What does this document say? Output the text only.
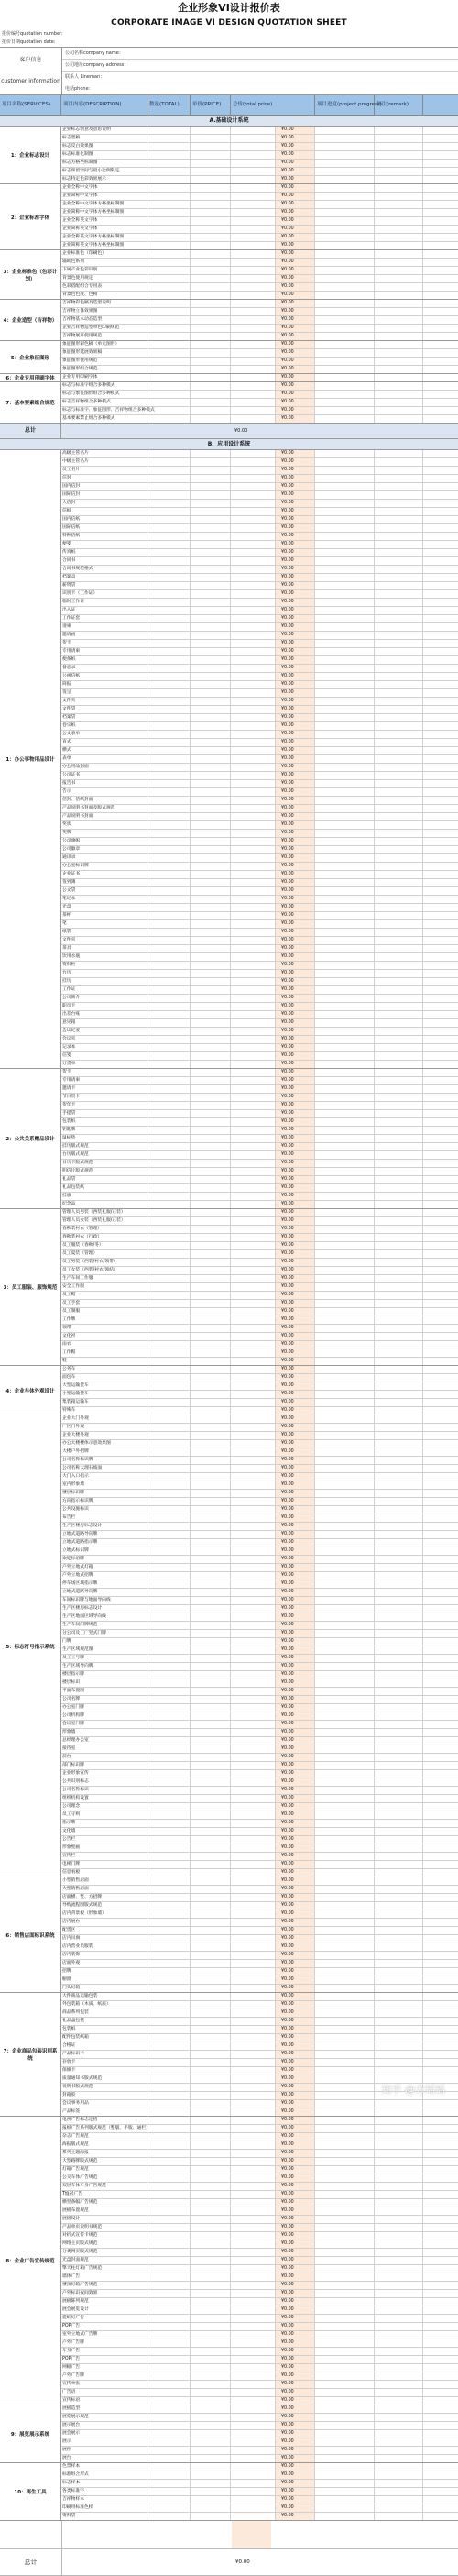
企业形象VI设计报价表
CORPORATE IMAGE VI DESIGN QUOTATION SHEET
报价编号quotation number:
报价日期quotation date:
客户信息
customer information
公司名称company name：
公司地址company address：
联系人 Lineman：
电话phone：
项目名称(SERVICES)	项目内容(DESCRIPTION)	数量(TOTAL)	单价(PRICE)	总价(total price)	项目进度(project progress)
备注(remark)
A.基础设计系统
1：企业标志设计
企业标志创意及意思说明	¥0.00
标志墨稿	¥0.00
标志反白效果图	¥0.00
标志标准化制图	¥0.00
标志方格坐标制图	¥0.00
标志预留空间与最小比例限定	¥0.00
标志特定色彩效果展示	¥0.00
2：企业标准字体
企业全称中文字体	¥0.00
企业简称中文字体	¥0.00
企业全称中文字体方格坐标制图	¥0.00
企业简称中文字体方格坐标制图	¥0.00
企业全称英文字体	¥0.00
企业简称英文字体	¥0.00
企业全称英文字体方格坐标制图	¥0.00
企业简称英文字体方格坐标制图	¥0.00
3：企业标准色（色彩计划）
企业标准色（印刷色）	¥0.00
辅助色系列	¥0.00
下属产业色彩识别	¥0.00
背景色使用规定	¥0.00
色彩搭配组合专用表	¥0.00
背景色色度、色相	¥0.00
4：企业造型（吉祥物）
吉祥物彩色稿及造型说明	¥0.00
吉祥物立体效果图	¥0.00
吉祥物基本动态造型	¥0.00
企业吉祥物造型单色印刷规范	¥0.00
吉祥物展开使用规范	¥0.00
5：企业象征图形
象征图形彩色稿（单元图形）	¥0.00
象征图形延展效果稿	¥0.00
象征图形使用规范	¥0.00
象征图形组合规范	¥0.00
6：企业专用印刷字体	企业专用印刷字体	¥0.00
7：基本要素组合规范
标志与标准字组合多种模式	¥0.00
标志与象征图形组合多种模式	¥0.00
标志吉祥物组合多种模式	¥0.00
标志与标准字、象征图形、吉祥物组合多种模式	¥0.00
基本要素禁止组合多种模式	¥0.00
总计	¥0.00
B．应用设计系统
1：办公事物用品设计
高级主管名片	¥0.00
中级主管名片	¥0.00
员工名片	¥0.00
信封	¥0.00
国内信封	¥0.00
国际信封	¥0.00
大信封	¥0.00
信纸	¥0.00
国内信纸	¥0.00
国际信纸	¥0.00
特种信纸	¥0.00
便笺	¥0.00
传真纸	¥0.00
合同书	¥0.00
合同书规范格式	¥0.00
档案盒	¥0.00
薪资袋	¥0.00
识别卡（工作证）	¥0.00
临时工作证	¥0.00
出入证	¥0.00
工作证套	¥0.00
请柬	¥0.00
邀请函	¥0.00
贺卡	¥0.00
专用请柬	¥0.00
便条纸	¥0.00
备忘录	¥0.00
公函信纸	¥0.00
简报	¥0.00
签呈	¥0.00
文件夹	¥0.00
文件袋	¥0.00
档案袋	¥0.00
卷宗纸	¥0.00
公文表单	¥0.00
直式	¥0.00
横式	¥0.00
表单	¥0.00
办公用品封面	¥0.00
公司证书	¥0.00
报告书	¥0.00
告示	¥0.00
信封、信纸封面	¥0.00
产品说明书封面及版式规范	¥0.00
产品说明书封面	¥0.00
奖状	¥0.00
奖牌	¥0.00
公司旗帜	¥0.00
公司徽章	¥0.00
通讯录	¥0.00
办公室标识牌	¥0.00
企业证书	¥0.00
签到簿	¥0.00
公文袋	¥0.00
笔记本	¥0.00
光盘	¥0.00
茶杯	¥0.00
笔	¥0.00
纸袋	¥0.00
文件夹	¥0.00
茶具	¥0.00
饮用水瓶	¥0.00
资料柜	¥0.00
台历	¥0.00
挂历	¥0.00
工作证	¥0.00
公司简介	¥0.00
职员卡	¥0.00
出差台账	¥0.00
意见箱	¥0.00
会议纪要	¥0.00
会议夹	¥0.00
记录本	¥0.00
信笺	¥0.00
订货单	¥0.00
2：公共关系赠品设计
贺卡	¥0.00
专用请柬	¥0.00
邀请卡	¥0.00
节日贺卡	¥0.00
贺年卡	¥0.00
手提袋	¥0.00
包装纸	¥0.00
钥匙牌	¥0.00
鼠标垫	¥0.00
挂历版式规范	¥0.00
台历版式规范	¥0.00
日历卡版式规范	¥0.00
明信片版式规范	¥0.00
礼品袋	¥0.00
礼品包装纸	¥0.00
挂旗	¥0.00
纪念品	¥0.00
3：员工服装、服饰规范
管理人员男装（西装礼服/正装）	¥0.00
管理人员女装（西装礼服/正装）	¥0.00
春秋装衬衣（管理）	¥0.00
春秋装衬衣（行政）	¥0.00
员工服装（春秋/冬）	¥0.00
员工夏装（管理）	¥0.00
员工男装（西装/衬衣/领带）	¥0.00
员工女装（西装/衬衣/领结）	¥0.00
生产车间工作服	¥0.00
安全工作服	¥0.00
员工帽	¥0.00
员工手套	¥0.00
员工制服	¥0.00
工作牌	¥0.00
领带	¥0.00
文化衫	¥0.00
雨衣	¥0.00
工作帽	¥0.00
鞋	¥0.00
4：企业车体外观设计
公务车	¥0.00
面包车	¥0.00
大型运输货车	¥0.00
小型运输货车	¥0.00
集装箱运输车	¥0.00
特殊车	¥0.00
5：标志符号指示系统
企业大门外观	¥0.00
厂区门外观	¥0.00
企业大楼外观	¥0.00
办公大楼楼体示意效果图	¥0.00
大楼户外招牌	¥0.00
公司名称标识牌	¥0.00
公司名称大理石坡面	¥0.00
大门入口指示	¥0.00
室内形象墙	¥0.00
楼层标识牌	¥0.00
方向指示标识牌	¥0.00
公共设施标识	¥0.00
布告栏	¥0.00
生产区楼房标志设计	¥0.00
立地式道路导向牌	¥0.00
立地式道路指示牌	¥0.00
立地式标识牌	¥0.00
欢迎标语牌	¥0.00
户外立地式灯箱	¥0.00
户外立地式招牌	¥0.00
停车场区域指示牌	¥0.00
立地式道路导向牌	¥0.00
车间标识牌与地面导向线	¥0.00
生产区楼房标志设计	¥0.00
生产区地面区域导向线	¥0.00
生产车间门牌规范	¥0.00
分公司及工厂竖式门牌	¥0.00
门牌	¥0.00
生产区域规范图	¥0.00
员工工号牌	¥0.00
生产区域导向牌	¥0.00
楼层指示牌	¥0.00
楼层标识	¥0.00
平面布置图	¥0.00
公司名牌	¥0.00
办公室门牌	¥0.00
公司机构牌	¥0.00
会议室门牌	¥0.00
形象墙	¥0.00
总经理办公室	¥0.00
接待室	¥0.00
前台	¥0.00
部门标识牌	¥0.00
企业形象宣传	¥0.00
公共识别标志	¥0.00
公司名称标识	¥0.00
组织机构设置	¥0.00
公司理念	¥0.00
员工守则	¥0.00
指示牌	¥0.00
文化墙	¥0.00
公告栏	¥0.00
形象壁画	¥0.00
宣传栏	¥0.00
电梯门牌	¥0.00
信息看板	¥0.00
6：销售店面标识系统
小型销售店面	¥0.00
大型销售店面	¥0.00
店面横、竖、方招牌	¥0.00
导购流程图版式规范	¥0.00
店内背景板（形象墙）	¥0.00
店内展台	¥0.00
配货区	¥0.00
店内吊旗	¥0.00
店内营业员服装	¥0.00
店内装饰	¥0.00
店面外观	¥0.00
招牌	¥0.00
橱窗	¥0.00
门头灯箱	¥0.00
7：企业商品包装识别系统
大件商品运输包装	¥0.00
外包装箱（木质、纸质）	¥0.00
商品系列包装	¥0.00
礼品盒包装	¥0.00
包装纸	¥0.00
配件包装纸箱	¥0.00
合格证	¥0.00
产品标识卡	¥0.00
存放卡	¥0.00
保修卡	¥0.00
质量通知书版式规范	¥0.00
说明书版式规范	¥0.00
封箱胶	¥0.00
会议事务用品	¥0.00
产品标签	¥0.00
8：企业广告宣传规范
电视广告标志定格	¥0.00
报纸广告系列版式规范（整版、半版、通栏）	¥0.00
杂志广告规范	¥0.00
海报版式规范	¥0.00
系列主题海报	¥0.00
大型路牌版式规范	¥0.00
灯箱广告规范	¥0.00
公交车体广告规范	¥0.00
双层车体车身广告规范	¥0.00
T恤衫广告	¥0.00
横竖条幅广告规范	¥0.00
展板布置规范	¥0.00
展板设计	¥0.00
产品单页说明书规范	¥0.00
对折式宣传卡规范	¥0.00
网络主页版式规范	¥0.00
分类网页版式规范	¥0.00
光盘封面规范	¥0.00
擎天柱灯箱广告规范	¥0.00
墙体广告	¥0.00
楼顶灯箱广告规范	¥0.00
户外标识夜间效果	¥0.00
展板陈列规范	¥0.00
展会展览设计	¥0.00
霓虹灯广告	¥0.00
POP广告	¥0.00
室外立地式广告牌	¥0.00
户外广告牌	¥0.00
车身广告	¥0.00
POP广告	¥0.00
网幅广告	¥0.00
户外广告牌	¥0.00
宣传单张	¥0.00
广告语	¥0.00
宣传标语	¥0.00
9：展览展示系统
展板造型	¥0.00
展览展示规范	¥0.00
展示展台	¥0.00
展会展示	¥0.00
展示	¥0.00
展柜	¥0.00
展台	¥0.00
10：再生工具
色票样本	¥0.00
标准组合形式	¥0.00
标志样本	¥0.00
各类标准字	¥0.00
吉祥物样本	¥0.00
印刷用标准色样	¥0.00
资料袋	¥0.00
总计	¥0.00
知乎 @方瑶瑶
